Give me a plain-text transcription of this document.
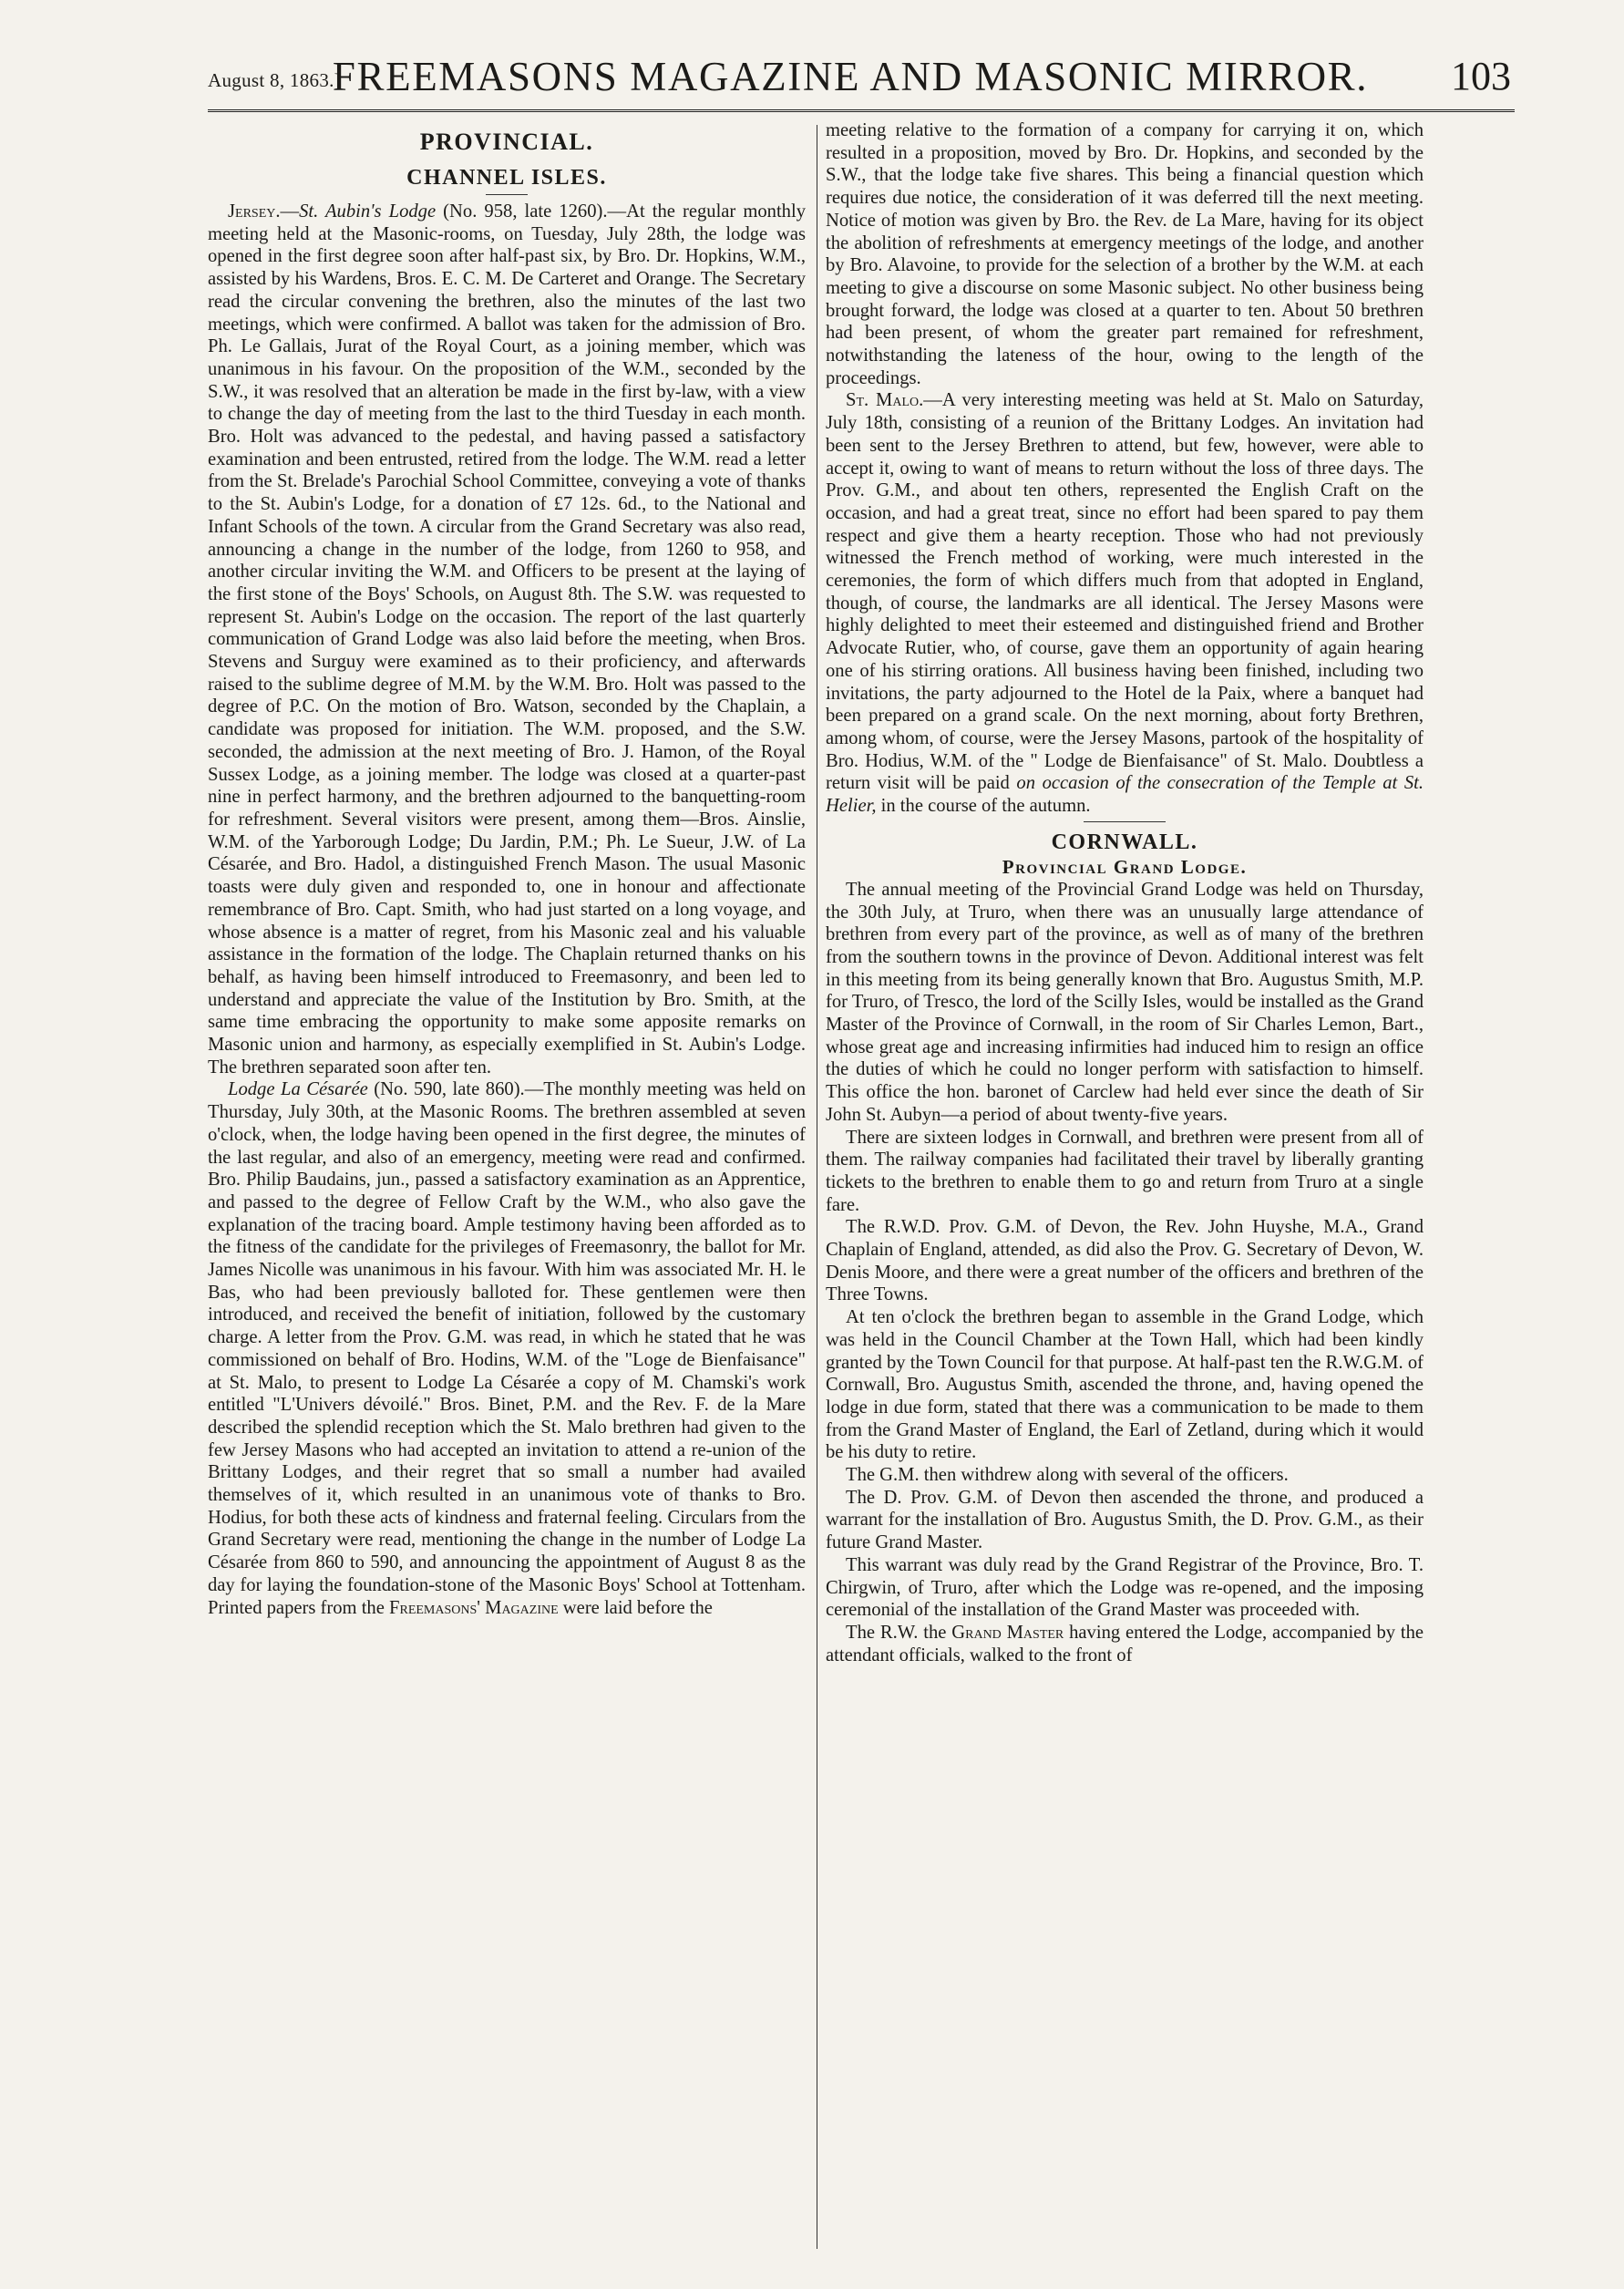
August 8, 1863.]
FREEMASONS MAGAZINE AND MASONIC MIRROR.	103
PROVINCIAL.
CHANNEL ISLES.

Jersey.—St. Aubin's Lodge (No. 958, late 1260).—At the regular monthly meeting held at the Masonic-rooms, on Tuesday, July 28th, the lodge was opened in the first degree soon after half-past six, by Bro. Dr. Hopkins, W.M., assisted by his Wardens, Bros. E. C. M. De Carteret and Orange. The Secretary read the circular convening the brethren, also the minutes of the last two meetings, which were confirmed. A ballot was taken for the admission of Bro. Ph. Le Gallais, Jurat of the Royal Court, as a joining member, which was unanimous in his favour. On the proposition of the W.M., seconded by the S.W., it was resolved that an alteration be made in the first by-law, with a view to change the day of meeting from the last to the third Tuesday in each month. Bro. Holt was advanced to the pedestal, and having passed a satisfactory examination and been entrusted, retired from the lodge. The W.M. read a letter from the St. Brelade's Parochial School Committee, conveying a vote of thanks to the St. Aubin's Lodge, for a donation of £7 12s. 6d., to the National and Infant Schools of the town. A circular from the Grand Secretary was also read, announcing a change in the number of the lodge, from 1260 to 958, and another circular inviting the W.M. and Officers to be present at the laying of the first stone of the Boys' Schools, on August 8th. The S.W. was requested to represent St. Aubin's Lodge on the occasion. The report of the last quarterly communication of Grand Lodge was also laid before the meeting, when Bros. Stevens and Surguy were examined as to their proficiency, and afterwards raised to the sublime degree of M.M. by the W.M. Bro. Holt was passed to the degree of P.C. On the motion of Bro. Watson, seconded by the Chaplain, a candidate was proposed for initiation. The W.M. proposed, and the S.W. seconded, the admission at the next meeting of Bro. J. Hamon, of the Royal Sussex Lodge, as a joining member. The lodge was closed at a quarter-past nine in perfect harmony, and the brethren adjourned to the banquetting-room for refreshment. Several visitors were present, among them—Bros. Ainslie, W.M. of the Yarborough Lodge; Du Jardin, P.M.; Ph. Le Sueur, J.W. of La Césarée, and Bro. Hadol, a distinguished French Mason. The usual Masonic toasts were duly given and responded to, one in honour and affectionate remembrance of Bro. Capt. Smith, who had just started on a long voyage, and whose absence is a matter of regret, from his Masonic zeal and his valuable assistance in the formation of the lodge. The Chaplain returned thanks on his behalf, as having been himself introduced to Freemasonry, and been led to understand and appreciate the value of the Institution by Bro. Smith, at the same time embracing the opportunity to make some apposite remarks on Masonic union and harmony, as especially exemplified in St. Aubin's Lodge. The brethren separated soon after ten.

Lodge La Césarée (No. 590, late 860).—The monthly meeting was held on Thursday, July 30th, at the Masonic Rooms. The brethren assembled at seven o'clock, when, the lodge having been opened in the first degree, the minutes of the last regular, and also of an emergency, meeting were read and confirmed. Bro. Philip Baudains, jun., passed a satisfactory examination as an Apprentice, and passed to the degree of Fellow Craft by the W.M., who also gave the explanation of the tracing board. Ample testimony having been afforded as to the fitness of the candidate for the privileges of Freemasonry, the ballot for Mr. James Nicolle was unanimous in his favour. With him was associated Mr. H. le Bas, who had been previously balloted for. These gentlemen were then introduced, and received the benefit of initiation, followed by the customary charge. A letter from the Prov. G.M. was read, in which he stated that he was commissioned on behalf of Bro. Hodins, W.M. of the "Loge de Bienfaisance" at St. Malo, to present to Lodge La Césarée a copy of M. Chamski's work entitled "L'Univers dévoilé." Bros. Binet, P.M. and the Rev. F. de la Mare described the splendid reception which the St. Malo brethren had given to the few Jersey Masons who had accepted an invitation to attend a re-union of the Brittany Lodges, and their regret that so small a number had availed themselves of it, which resulted in an unanimous vote of thanks to Bro. Hodius, for both these acts of kindness and fraternal feeling. Circulars from the Grand Secretary were read, mentioning the change in the number of Lodge La Césarée from 860 to 590, and announcing the appointment of August 8 as the day for laying the foundation-stone of the Masonic Boys' School at Tottenham. Printed papers from the Freemasons' Magazine were laid before the

meeting relative to the formation of a company for carrying it on, which resulted in a proposition, moved by Bro. Dr. Hopkins, and seconded by the S.W., that the lodge take five shares. This being a financial question which requires due notice, the consideration of it was deferred till the next meeting. Notice of motion was given by Bro. the Rev. de La Mare, having for its object the abolition of refreshments at emergency meetings of the lodge, and another by Bro. Alavoine, to provide for the selection of a brother by the W.M. at each meeting to give a discourse on some Masonic subject. No other business being brought forward, the lodge was closed at a quarter to ten. About 50 brethren had been present, of whom the greater part remained for refreshment, notwithstanding the lateness of the hour, owing to the length of the proceedings.

St. Malo.—A very interesting meeting was held at St. Malo on Saturday, July 18th, consisting of a reunion of the Brittany Lodges. An invitation had been sent to the Jersey Brethren to attend, but few, however, were able to accept it, owing to want of means to return without the loss of three days. The Prov. G.M., and about ten others, represented the English Craft on the occasion, and had a great treat, since no effort had been spared to pay them respect and give them a hearty reception. Those who had not previously witnessed the French method of working, were much interested in the ceremonies, the form of which differs much from that adopted in England, though, of course, the landmarks are all identical. The Jersey Masons were highly delighted to meet their esteemed and distinguished friend and Brother Advocate Rutier, who, of course, gave them an opportunity of again hearing one of his stirring orations. All business having been finished, including two invitations, the party adjourned to the Hotel de la Paix, where a banquet had been prepared on a grand scale. On the next morning, about forty Brethren, among whom, of course, were the Jersey Masons, partook of the hospitality of Bro. Hodius, W.M. of the " Lodge de Bienfaisance" of St. Malo. Doubtless a return visit will be paid on occasion of the consecration of the Temple at St. Helier, in the course of the autumn.

CORNWALL.
Provincial Grand Lodge.

The annual meeting of the Provincial Grand Lodge was held on Thursday, the 30th July, at Truro, when there was an unusually large attendance of brethren from every part of the province, as well as of many of the brethren from the southern towns in the province of Devon. Additional interest was felt in this meeting from its being generally known that Bro. Augustus Smith, M.P. for Truro, of Tresco, the lord of the Scilly Isles, would be installed as the Grand Master of the Province of Cornwall, in the room of Sir Charles Lemon, Bart., whose great age and increasing infirmities had induced him to resign an office the duties of which he could no longer perform with satisfaction to himself. This office the hon. baronet of Carclew had held ever since the death of Sir John St. Aubyn—a period of about twenty-five years.

There are sixteen lodges in Cornwall, and brethren were present from all of them. The railway companies had facilitated their travel by liberally granting tickets to the brethren to enable them to go and return from Truro at a single fare.

The R.W.D. Prov. G.M. of Devon, the Rev. John Huyshe, M.A., Grand Chaplain of England, attended, as did also the Prov. G. Secretary of Devon, W. Denis Moore, and there were a great number of the officers and brethren of the Three Towns.

At ten o'clock the brethren began to assemble in the Grand Lodge, which was held in the Council Chamber at the Town Hall, which had been kindly granted by the Town Council for that purpose. At half-past ten the R.W.G.M. of Cornwall, Bro. Augustus Smith, ascended the throne, and, having opened the lodge in due form, stated that there was a communication to be made to them from the Grand Master of England, the Earl of Zetland, during which it would be his duty to retire.

The G.M. then withdrew along with several of the officers.

The D. Prov. G.M. of Devon then ascended the throne, and produced a warrant for the installation of Bro. Augustus Smith, the D. Prov. G.M., as their future Grand Master.

This warrant was duly read by the Grand Registrar of the Province, Bro. T. Chirgwin, of Truro, after which the Lodge was re-opened, and the imposing ceremonial of the installation of the Grand Master was proceeded with.

The R.W. the Grand Master having entered the Lodge, accompanied by the attendant officials, walked to the front of
